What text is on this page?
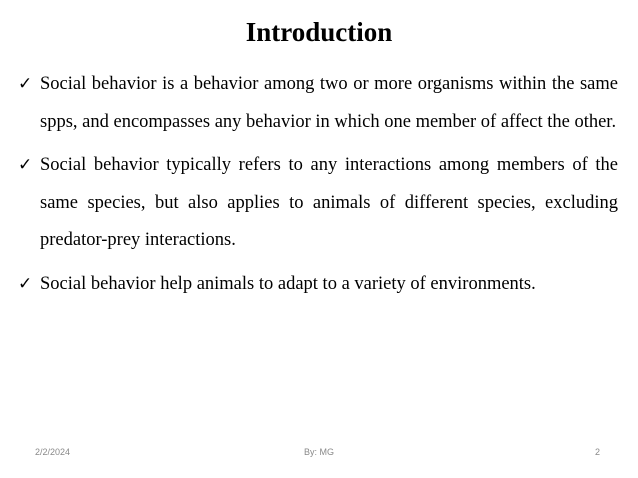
Introduction
✓ Social behavior is a behavior among two or more organisms within the same spps, and encompasses any behavior in which one member of affect the other.
✓ Social behavior typically refers to any interactions among members of the same species, but also applies to animals of different species, excluding predator-prey interactions.
✓ Social behavior help animals to adapt to a variety of environments.
2/2/2024	By: MG	2
